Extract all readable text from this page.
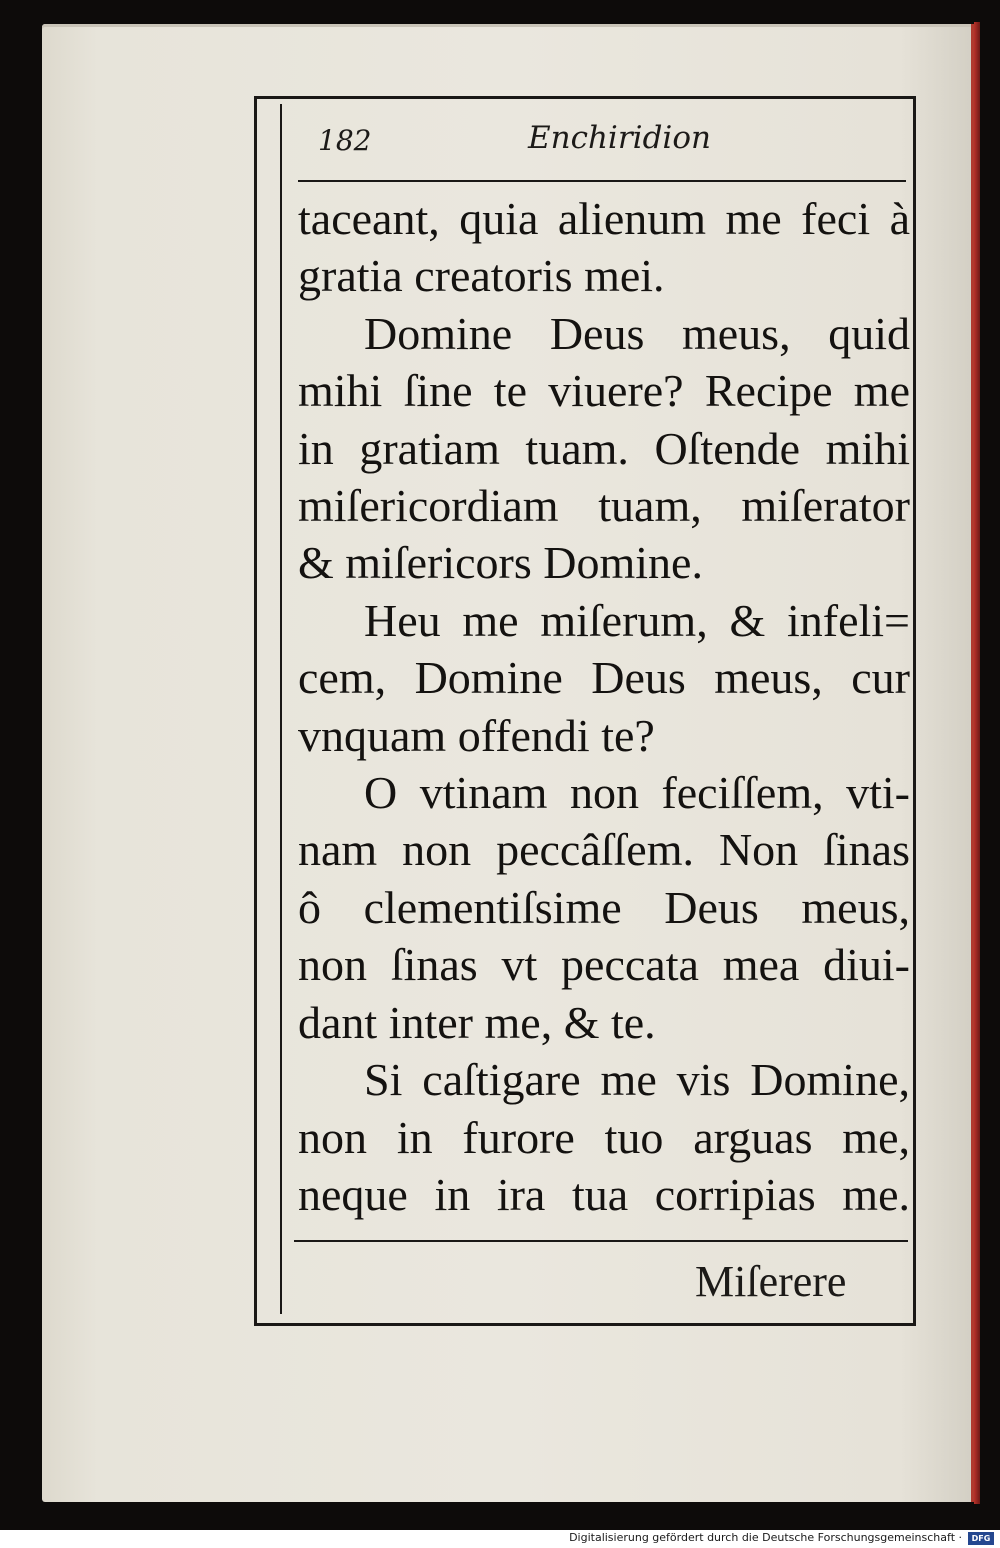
182	Enchiridion
taceant, quia alienum me feci à
gratia creatoris mei.
Domine Deus meus, quid
mihi ſine te viuere? Recipe me
in gratiam tuam. Oſtende mihi
miſericordiam tuam, miſerator
& miſericors Domine.
Heu me miſerum, & infeli=
cem, Domine Deus meus, cur
vnquam offendi te?
O vtinam non feciſſem, vti-
nam non peccâſſem. Non ſinas
ô clementiſsime Deus meus,
non ſinas vt peccata mea diui-
dant inter me, & te.
Si caſtigare me vis Domine,
non in furore tuo arguas me,
neque in ira tua corripias me.
Miſerere
Digitalisierung gefördert durch die Deutsche Forschungsgemeinschaft ·	DFG
